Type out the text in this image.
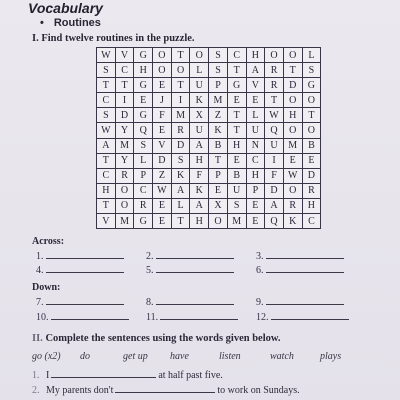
Vocabulary
• Routines
I. Find twelve routines in the puzzle.
W	V	G	O	T	O	S	C	H	O	O	L
S	C	H	O	O	L	S	T	A	R	T	S
T	T	G	E	T	U	P	G	V	R	D	G
C	I	E	J	I	K	M	E	E	T	O	O
S	D	G	F	M	X	Z	T	L	W	H	T
W	Y	Q	E	R	U	K	T	U	Q	O	O
A	M	S	V	D	A	B	H	N	U	M	B
T	Y	L	D	S	H	T	E	C	I	E	E
C	R	P	Z	K	F	P	B	H	F	W	D
H	O	C	W	A	K	E	U	P	D	O	R
T	O	R	E	L	A	X	S	E	A	R	H
V	M	G	E	T	H	O	M	E	Q	K	C
Across:
1.	2.	3.
4.	5.	6.
Down:
7.	8.	9.
10.	11.	12.
II. Complete the sentences using the words given below.
go (x2) do	get up have	listen	watch	plays
1. I	at half past five.
2. My parents don't	to work on Sundays.
